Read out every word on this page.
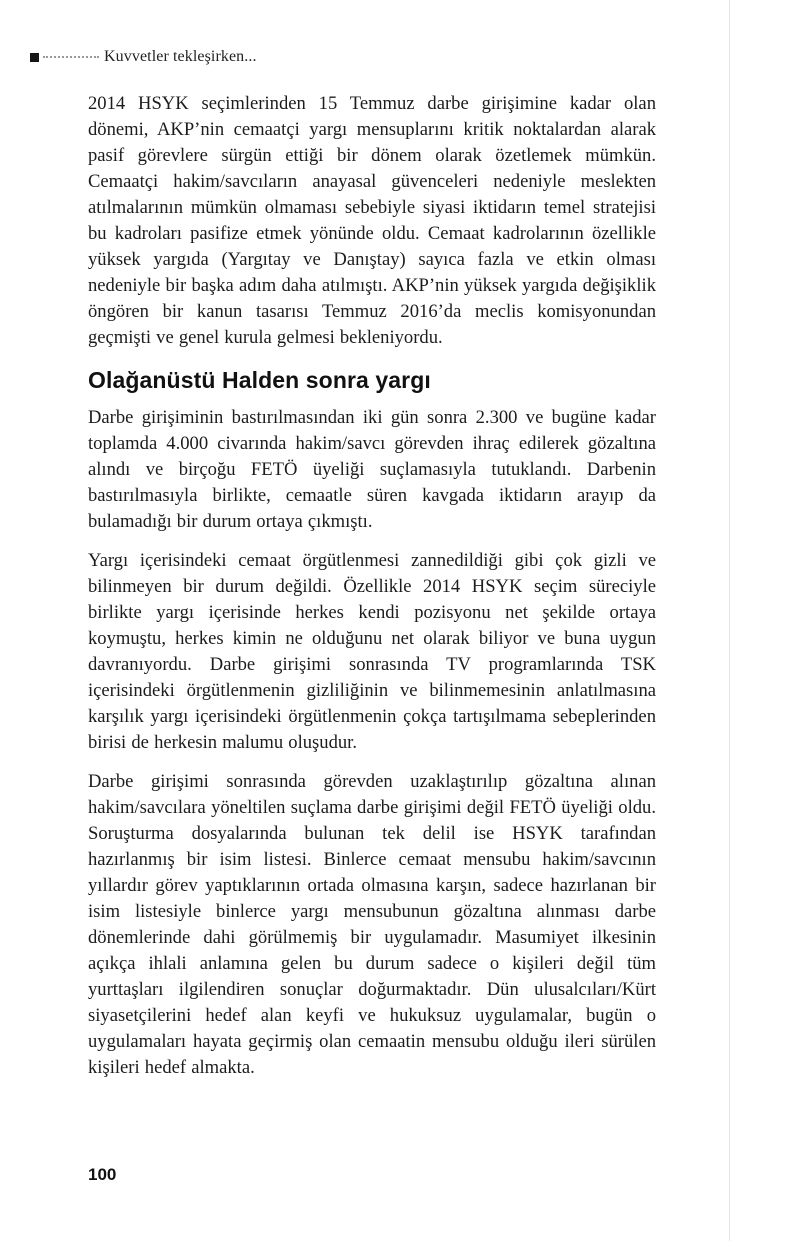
Kuvvetler tekleşirken...

2014 HSYK seçimlerinden 15 Temmuz darbe girişimine kadar olan dönemi, AKP’nin cemaatçi yargı mensuplarını kritik noktalardan alarak pasif görevlere sürgün ettiği bir dönem olarak özetlemek mümkün. Cemaatçi hakim/savcıların anayasal güvenceleri nedeniyle meslekten atılmalarının mümkün olmaması sebebiyle siyasi iktidarın temel stratejisi bu kadroları pasifize etmek yönünde oldu. Cemaat kadrolarının özellikle yüksek yargıda (Yargıtay ve Danıştay) sayıca fazla ve etkin olması nedeniyle bir başka adım daha atılmıştı. AKP’nin yüksek yargıda değişiklik öngören bir kanun tasarısı Temmuz 2016’da meclis komisyonundan geçmişti ve genel kurula gelmesi bekleniyordu.

Olağanüstü Halden sonra yargı

Darbe girişiminin bastırılmasından iki gün sonra 2.300 ve bugüne kadar toplamda 4.000 civarında hakim/savcı görevden ihraç edilerek gözaltına alındı ve birçoğu FETÖ üyeliği suçlamasıyla tutuklandı. Darbenin bastırılmasıyla birlikte, cemaatle süren kavgada iktidarın arayıp da bulamadığı bir durum ortaya çıkmıştı.

Yargı içerisindeki cemaat örgütlenmesi zannedildiği gibi çok gizli ve bilinmeyen bir durum değildi. Özellikle 2014 HSYK seçim süreciyle birlikte yargı içerisinde herkes kendi pozisyonu net şekilde ortaya koymuştu, herkes kimin ne olduğunu net olarak biliyor ve buna uygun davranıyordu. Darbe girişimi sonrasında TV programlarında TSK içerisindeki örgütlenmenin gizliliğinin ve bilinmemesinin anlatılmasına karşılık yargı içerisindeki örgütlenmenin çokça tartışılmama sebeplerinden birisi de herkesin malumu oluşudur.

Darbe girişimi sonrasında görevden uzaklaştırılıp gözaltına alınan hakim/savcılara yöneltilen suçlama darbe girişimi değil FETÖ üyeliği oldu. Soruşturma dosyalarında bulunan tek delil ise HSYK tarafından hazırlanmış bir isim listesi. Binlerce cemaat mensubu hakim/savcının yıllardır görev yaptıklarının ortada olmasına karşın, sadece hazırlanan bir isim listesiyle binlerce yargı mensubunun gözaltına alınması darbe dönemlerinde dahi görülmemiş bir uygulamadır. Masumiyet ilkesinin açıkça ihlali anlamına gelen bu durum sadece o kişileri değil tüm yurttaşları ilgilendiren sonuçlar doğurmaktadır. Dün ulusalcıları/Kürt siyasetçilerini hedef alan keyfi ve hukuksuz uygulamalar, bugün o uygulamaları hayata geçirmiş olan cemaatin mensubu olduğu ileri sürülen kişileri hedef almakta.

100
